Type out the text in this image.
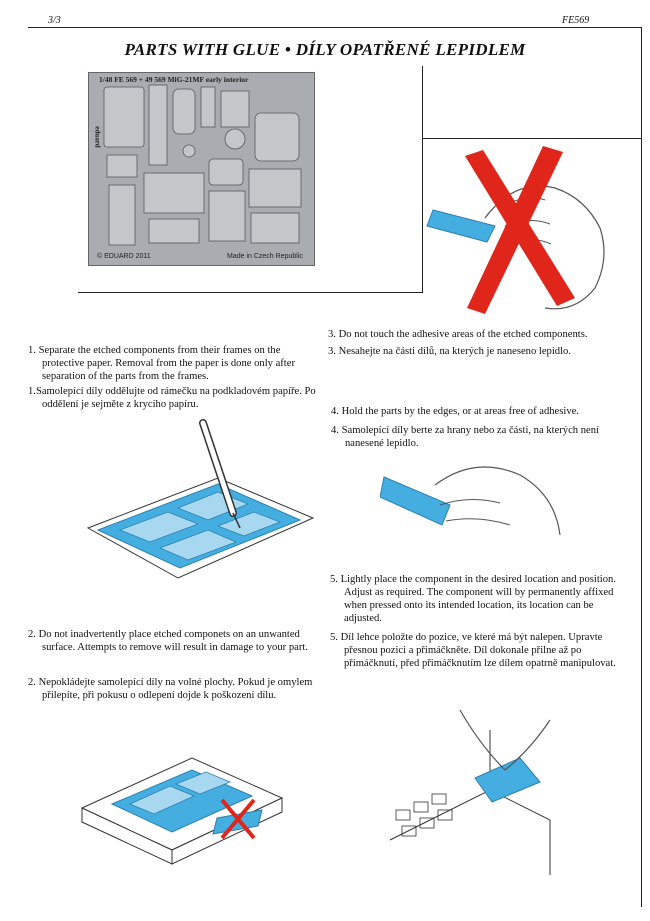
3/3	FE569
PARTS WITH GLUE • DÍLY OPATŘENÉ LEPIDLEM
1/48 FE 569 + 49 569 MiG-21MF early interior
eduard
© EDUARD 2011	Made in Czech Republic

1. Separate the etched components from their frames on the protective paper. Removal from the paper is done only after separation of the parts from the frames.

1.Samolepící díly oddělujte od rámečku na podkladovém papíře. Po oddělení je sejměte z krycího papíru.

3. Do not touch the adhesive areas of the etched components.

3. Nesahejte na části dílů, na kterých je naneseno lepidlo.

4. Hold the parts by the edges, or at areas free of adhesive.

4. Samolepící díly berte za hrany nebo za části, na kterých není nanesené lepidlo.

5. Lightly place the component in the desired location and position. Adjust as required. The component will by permanently affixed when pressed onto its intended location, its location can be adjusted.

5. Díl lehce položte do pozice, ve které má být nalepen. Upravte přesnou pozici a přimáčkněte. Díl dokonale přilne až po přimáčknutí, před přimáčknutím lze dílem opatrně manipulovat.

2. Do not inadvertently place etched componets on an unwanted surface. Attempts to remove will result in damage to your part.

2. Nepokládejte samolepící díly na volné plochy. Pokud je omylem přilepíte, při pokusu o odlepení dojde k poškození dílu.
